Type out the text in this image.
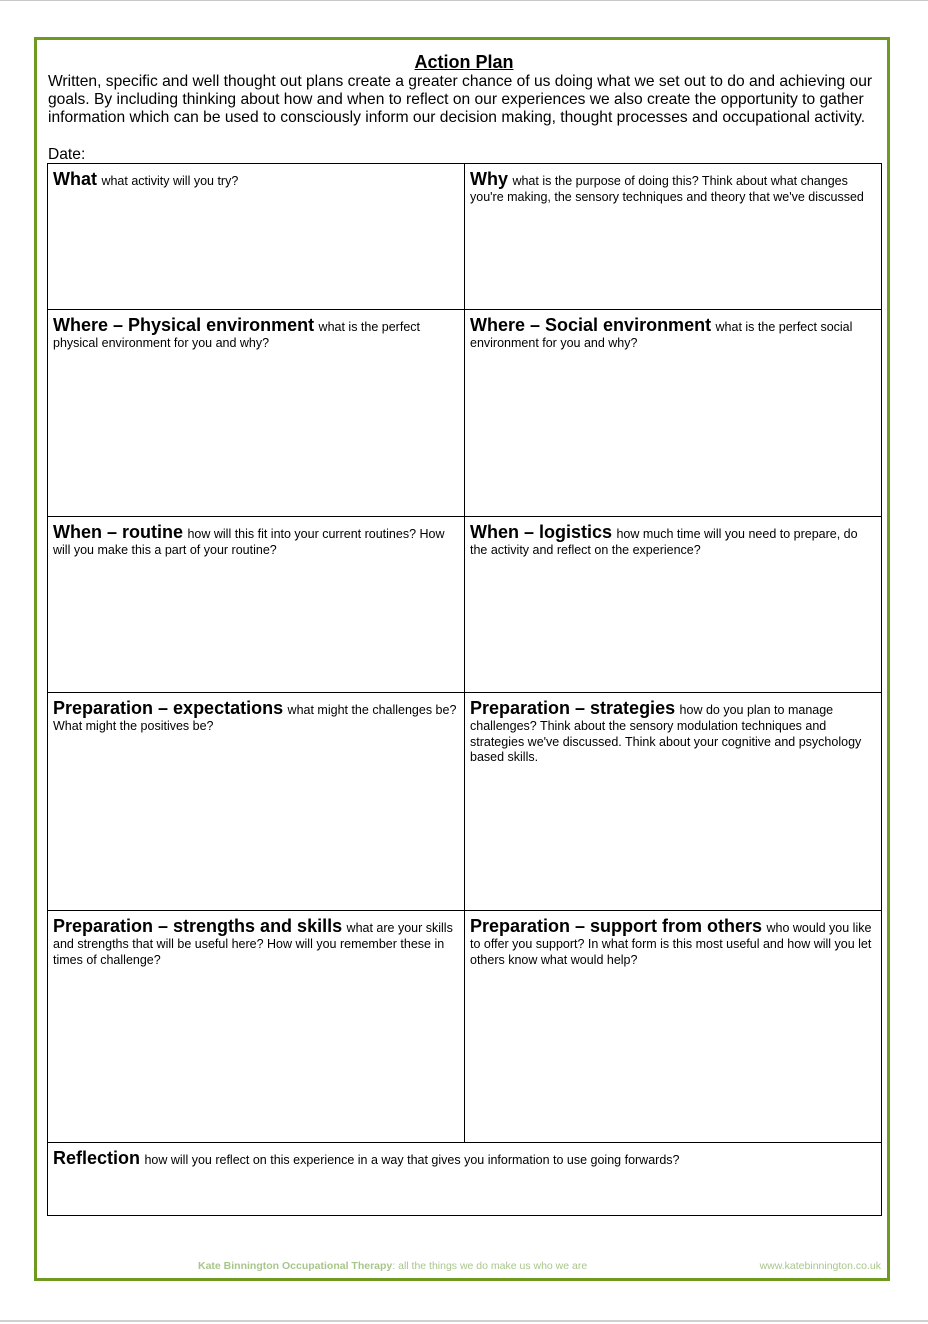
Action Plan
Written, specific and well thought out plans create a greater chance of us doing what we set out to do and achieving our goals. By including thinking about how and when to reflect on our experiences we also create the opportunity to gather information which can be used to consciously inform our decision making, thought processes and occupational activity.
Date:
What what activity will you try?	Why what is the purpose of doing this? Think about what changes you're making, the sensory techniques and theory that we've discussed

Where – Physical environment what is the perfect physical environment for you and why?	Where – Social environment what is the perfect social environment for you and why?

When – routine how will this fit into your current routines? How will you make this a part of your routine?	When – logistics how much time will you need to prepare, do the activity and reflect on the experience?

Preparation – expectations what might the challenges be? What might the positives be?	Preparation – strategies how do you plan to manage challenges? Think about the sensory modulation techniques and strategies we've discussed. Think about your cognitive and psychology based skills.

Preparation – strengths and skills what are your skills and strengths that will be useful here? How will you remember these in times of challenge?	Preparation – support from others who would you like to offer you support? In what form is this most useful and how will you let others know what would help?

Reflection how will you reflect on this experience in a way that gives you information to use going forwards?	
Kate Binnington Occupational Therapy: all the things we do make us who we are	www.katebinnington.co.uk
